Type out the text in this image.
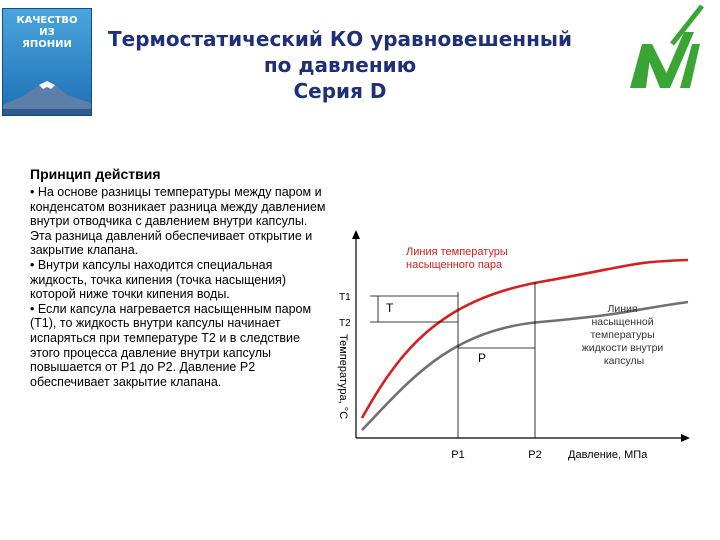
КАЧЕСТВО
ИЗ
ЯПОНИИ	Термостатический КО уравновешенный
по давлению
Серия D
Принцип действия

• На основе разницы температуры между паром и конденсатом возникает разница между давлением внутри отводчика с давлением внутри капсулы. Эта разница давлений обеспечивает открытие и закрытие клапана.

• Внутри капсулы находится специальная жидкость, точка кипения (точка насыщения) которой ниже точки кипения воды.

• Если капсула нагревается насыщенным паром (T1), то жидкость внутри капсулы начинает испаряться при температуре T2 и в следствие этого процесса давление внутри капсулы повышается от P1 до P2. Давление P2 обеспечивает закрытие клапана.

Линия температуры насыщенного пара
Линия насыщенной температуры жидкости внутри капсулы
T1
T2
T
P
P1	P2 Давление, МПа
Температура, °C
